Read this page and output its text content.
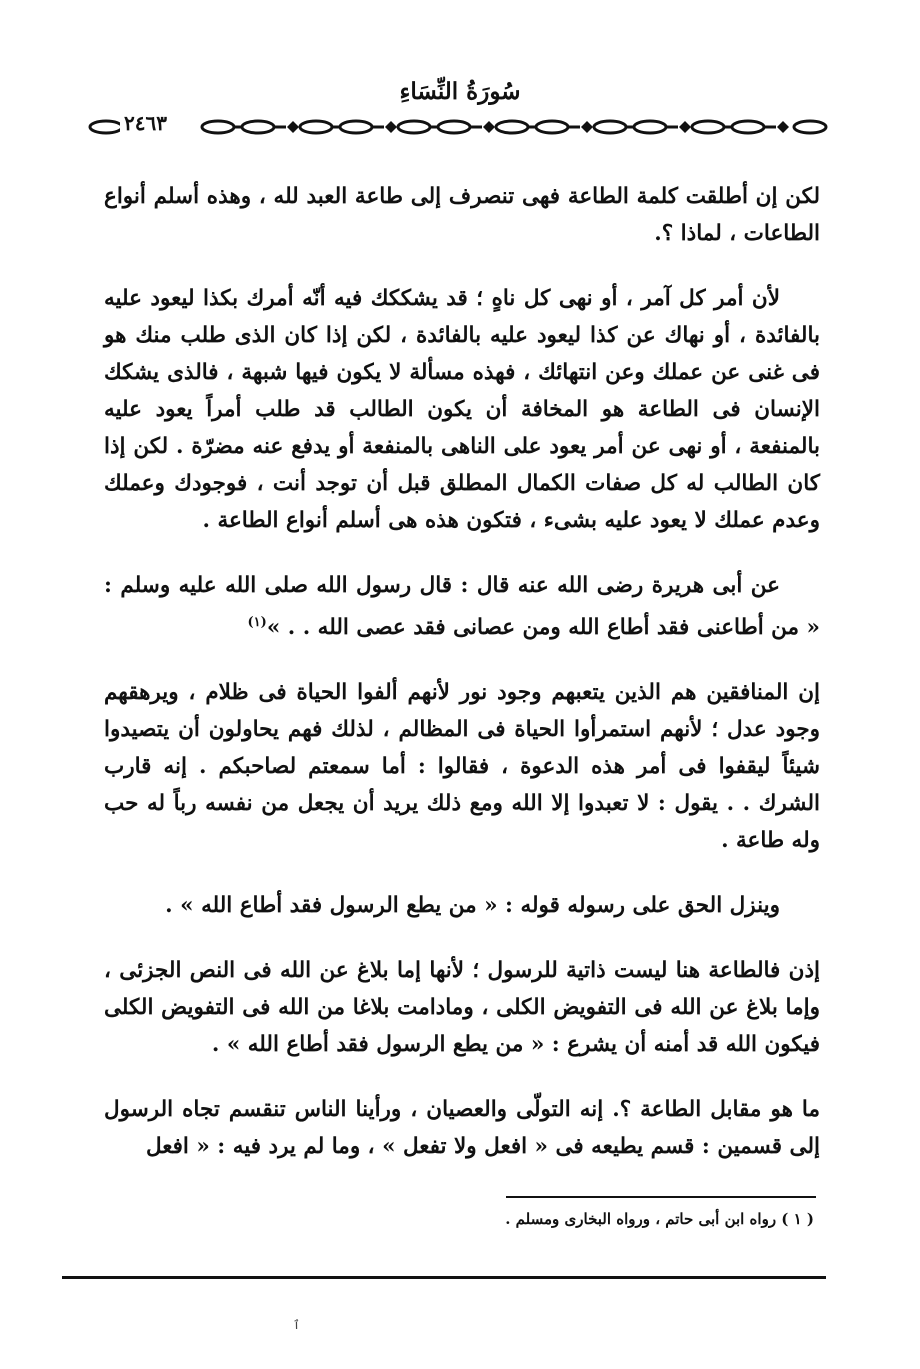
سُورَةُ النِّسَاءِ
٢٤٦٣

لكن إن أطلقت كلمة الطاعة فهى تنصرف إلى طاعة العبد لله ، وهذه أسلم أنواع الطاعات ، لماذا ؟.

لأن أمر كل آمر ، أو نهى كل ناهٍ ؛ قد يشككك فيه أنّه أمرك بكذا ليعود عليه بالفائدة ، أو نهاك عن كذا ليعود عليه بالفائدة ، لكن إذا كان الذى طلب منك هو فى غنى عن عملك وعن انتهائك ، فهذه مسألة لا يكون فيها شبهة ، فالذى يشكك الإنسان فى الطاعة هو المخافة أن يكون الطالب قد طلب أمراً يعود عليه بالمنفعة ، أو نهى عن أمر يعود على الناهى بالمنفعة أو يدفع عنه مضرّة . لكن إذا كان الطالب له كل صفات الكمال المطلق قبل أن توجد أنت ، فوجودك وعملك وعدم عملك لا يعود عليه بشىء ، فتكون هذه هى أسلم أنواع الطاعة .

عن أبى هريرة رضى الله عنه قال : قال رسول الله صلى الله عليه وسلم : « من أطاعنى فقد أطاع الله ومن عصانى فقد عصى الله . . »$^{(١)}$

إن المنافقين هم الذين يتعبهم وجود نور لأنهم ألفوا الحياة فى ظلام ، ويرهقهم وجود عدل ؛ لأنهم استمرأوا الحياة فى المظالم ، لذلك فهم يحاولون أن يتصيدوا شيئاً ليقفوا فى أمر هذه الدعوة ، فقالوا : أما سمعتم لصاحبكم . إنه قارب الشرك . . يقول : لا تعبدوا إلا الله ومع ذلك يريد أن يجعل من نفسه رباً له حب وله طاعة .

وينزل الحق على رسوله قوله : « من يطع الرسول فقد أطاع الله » .

إذن فالطاعة هنا ليست ذاتية للرسول ؛ لأنها إما بلاغ عن الله فى النص الجزئى ، وإما بلاغ عن الله فى التفويض الكلى ، ومادامت بلاغا من الله فى التفويض الكلى فيكون الله قد أمنه أن يشرع : « من يطع الرسول فقد أطاع الله » .

ما هو مقابل الطاعة ؟. إنه التولّى والعصيان ، ورأينا الناس تنقسم تجاه الرسول إلى قسمين : قسم يطيعه فى « افعل ولا تفعل » ، وما لم يرد فيه : « افعل

( ١ ) رواه ابن أبى حاتم ، ورواه البخارى ومسلم .
ٱ
